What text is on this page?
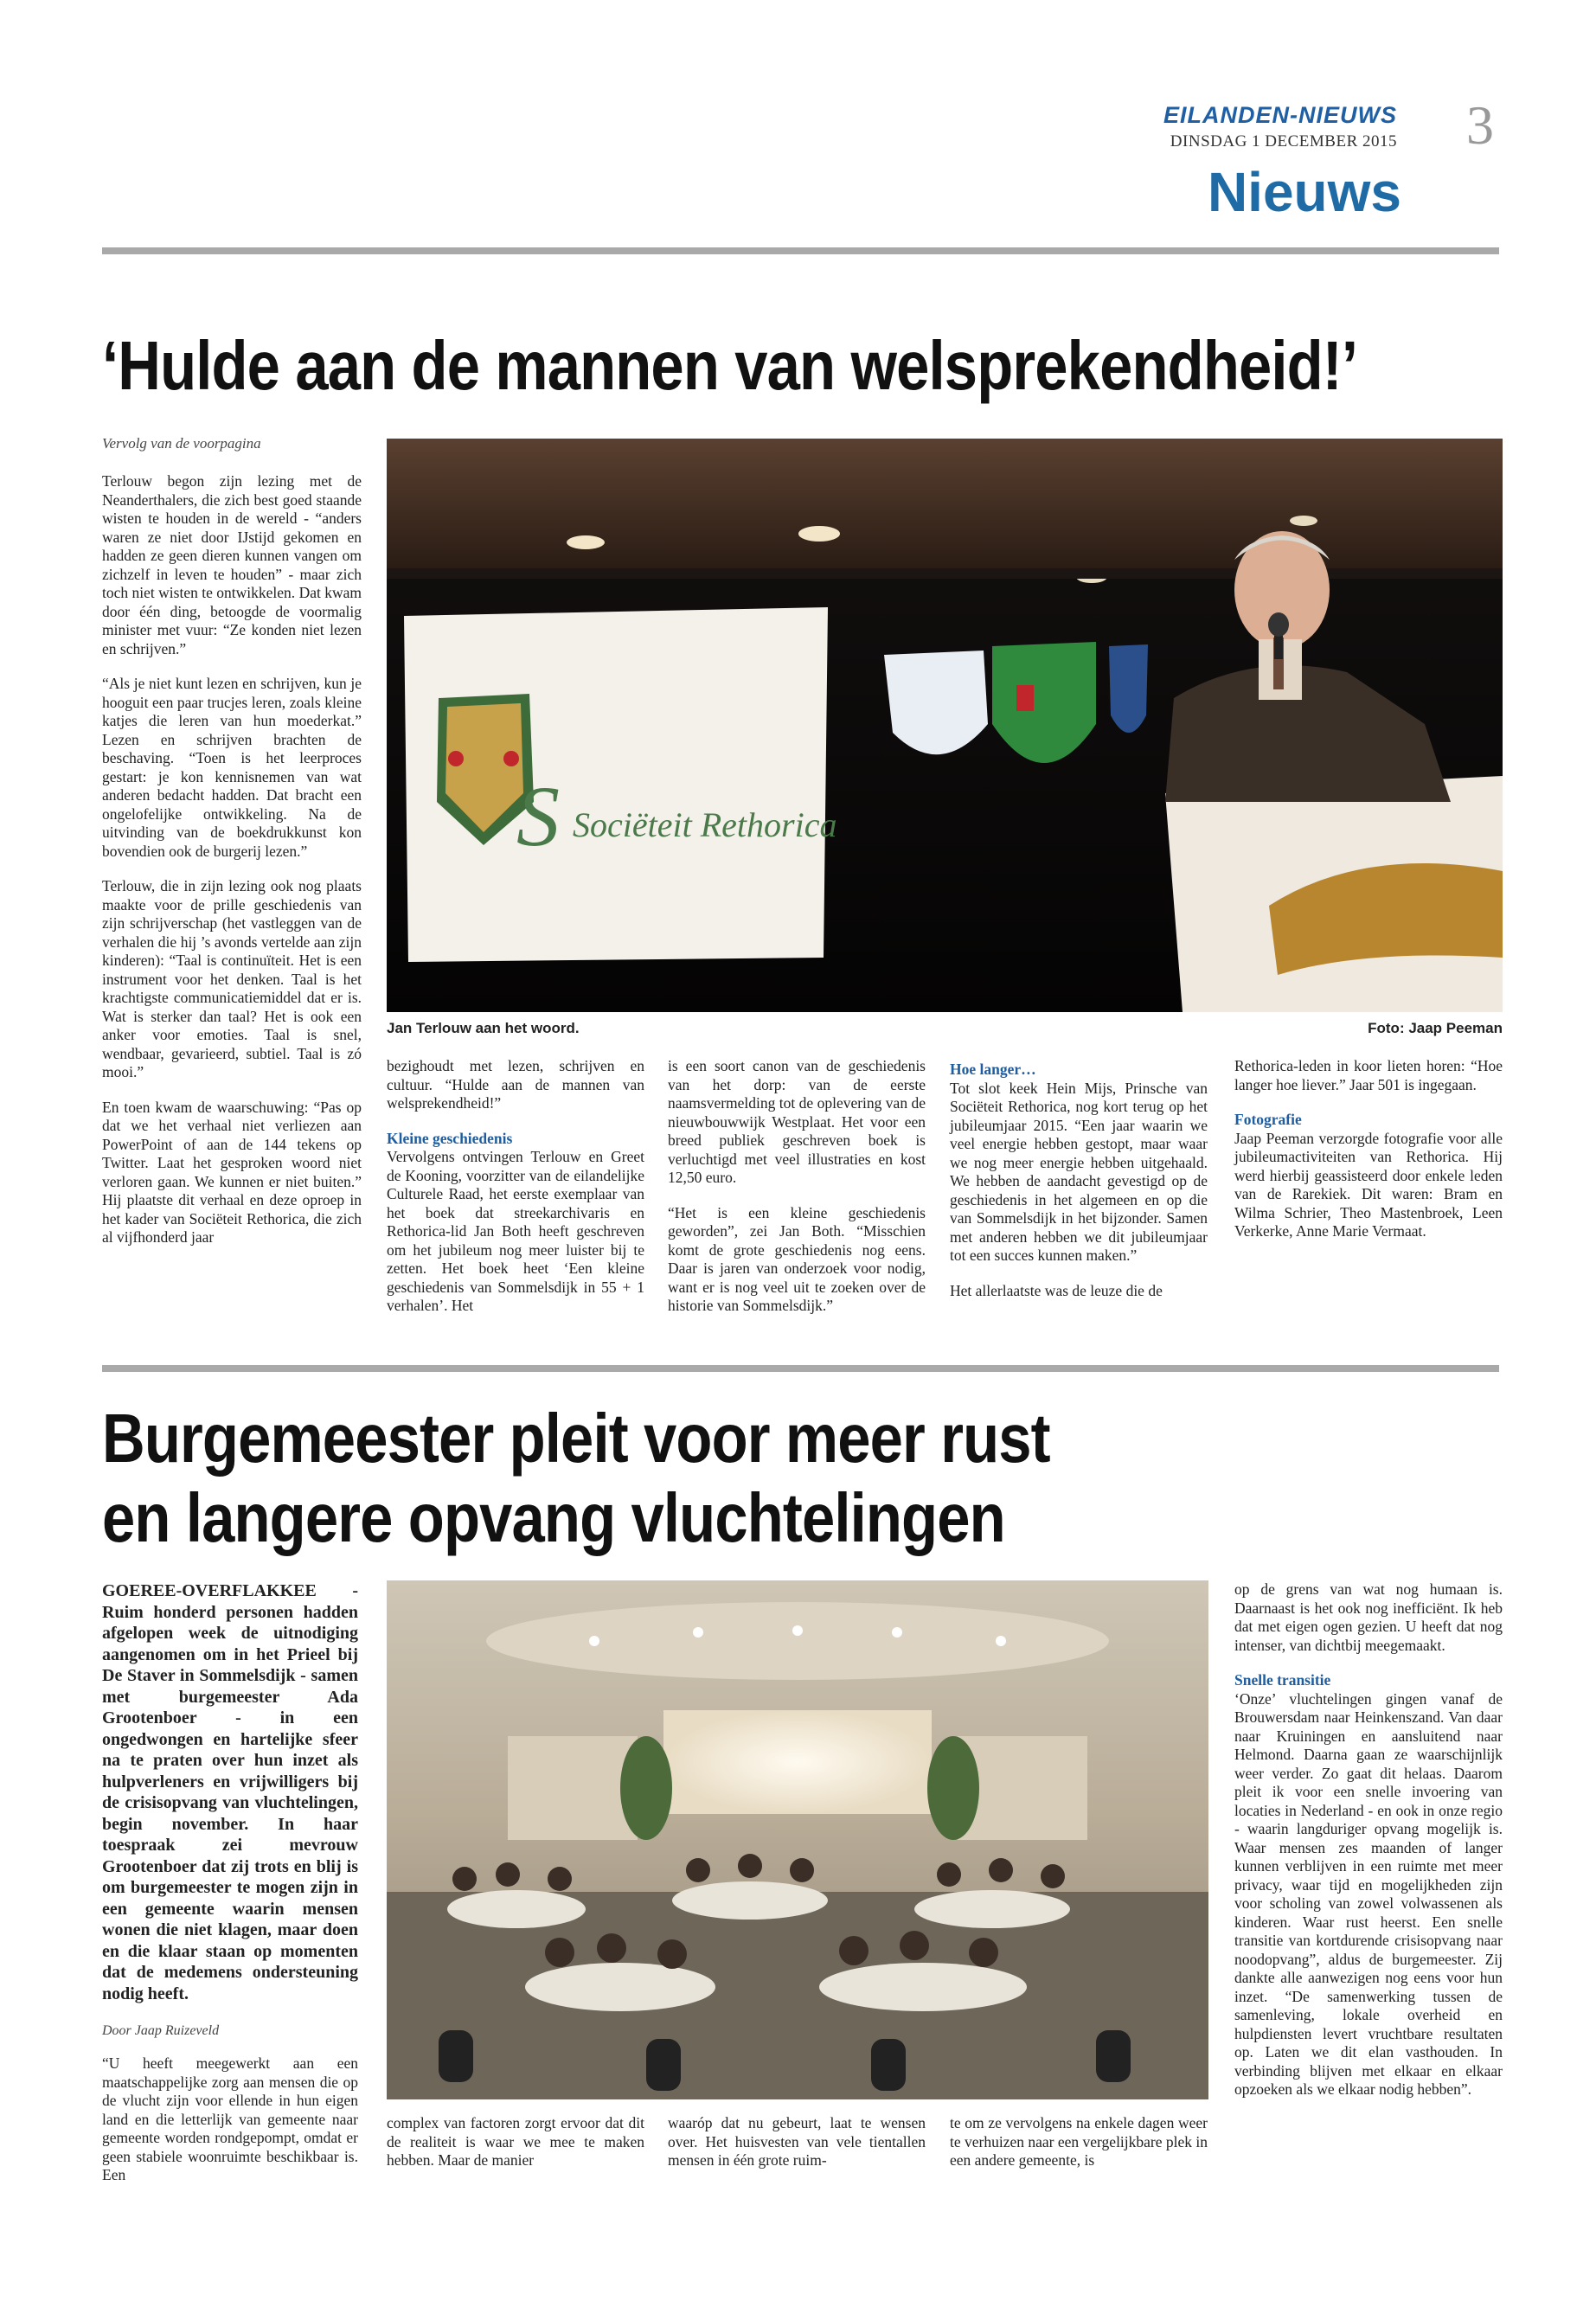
EILANDEN-NIEUWS
DINSDAG 1 DECEMBER 2015 3
Nieuws
‘Hulde aan de mannen van welsprekendheid!’
Vervolg van de voorpagina
S Sociëteit Rethorica
Jan Terlouw aan het woord.	Foto: Jaap Peeman

Terlouw begon zijn lezing met de Neanderthalers, die zich best goed staande wisten te houden in de wereld - “anders waren ze niet door IJstijd gekomen en hadden ze geen dieren kunnen vangen om zichzelf in leven te houden” - maar zich toch niet wisten te ontwikkelen. Dat kwam door één ding, betoogde de voormalig minister met vuur: “Ze konden niet lezen en schrijven.”

“Als je niet kunt lezen en schrijven, kun je hooguit een paar trucjes leren, zoals kleine katjes die leren van hun moederkat.” Lezen en schrijven brachten de beschaving. “Toen is het leerproces gestart: je kon kennisnemen van wat anderen bedacht hadden. Dat bracht een ongelofelijke ontwikkeling. Na de uitvinding van de boekdrukkunst kon bovendien ook de burgerij lezen.”

Terlouw, die in zijn lezing ook nog plaats maakte voor de prille geschiedenis van zijn schrijverschap (het vastleggen van de verhalen die hij ’s avonds vertelde aan zijn kinderen): “Taal is continuïteit. Het is een instrument voor het denken. Taal is het krachtigste communicatiemiddel dat er is. Wat is sterker dan taal? Het is ook een anker voor emoties. Taal is snel, wendbaar, gevarieerd, subtiel. Taal is zó mooi.”

En toen kwam de waarschuwing: “Pas op dat we het verhaal niet verliezen aan PowerPoint of aan de 144 tekens op Twitter. Laat het gesproken woord niet verloren gaan. We kunnen er niet buiten.” Hij plaatste dit verhaal en deze oproep in het kader van Sociëteit Rethorica, die zich al vijfhonderd jaar

bezighoudt met lezen, schrijven en cultuur. “Hulde aan de mannen van welsprekendheid!”

Kleine geschiedenis

Vervolgens ontvingen Terlouw en Greet de Kooning, voorzitter van de eilandelijke Culturele Raad, het eerste exemplaar van het boek dat streekarchivaris en Rethorica-lid Jan Both heeft geschreven om het jubileum nog meer luister bij te zetten. Het boek heet ‘Een kleine geschiedenis van Sommelsdijk in 55 + 1 verhalen’. Het

is een soort canon van de geschiedenis van het dorp: van de eerste naamsvermelding tot de oplevering van de nieuwbouwwijk Westplaat. Het voor een breed publiek geschreven boek is verluchtigd met veel illustraties en kost 12,50 euro.

“Het is een kleine geschiedenis geworden”, zei Jan Both. “Misschien komt de grote geschiedenis nog eens. Daar is jaren van onderzoek voor nodig, want er is nog veel uit te zoeken over de historie van Sommelsdijk.”

Hoe langer…

Tot slot keek Hein Mijs, Prinsche van Sociëteit Rethorica, nog kort terug op het jubileumjaar 2015. “Een jaar waarin we veel energie hebben gestopt, maar waar we nog meer energie hebben uitgehaald. We hebben de aandacht gevestigd op de geschiedenis in het algemeen en op die van Sommelsdijk in het bijzonder. Samen met anderen hebben we dit jubileumjaar tot een succes kunnen maken.”

Het allerlaatste was de leuze die de

Rethorica-leden in koor lieten horen: “Hoe langer hoe liever.” Jaar 501 is ingegaan.

Fotografie

Jaap Peeman verzorgde fotografie voor alle jubileumactiviteiten van Rethorica. Hij werd hierbij geassisteerd door enkele leden van de Rarekiek. Dit waren: Bram en Wilma Schrier, Theo Mastenbroek, Leen Verkerke, Anne Marie Vermaat.

Burgemeester pleit voor meer rust
en langere opvang vluchtelingen
GOEREE-OVERFLAKKEE - Ruim honderd personen hadden afgelopen week de uitnodiging aangenomen om in het Prieel bij De Staver in Sommelsdijk - samen met burgemeester Ada Grootenboer - in een ongedwongen en hartelijke sfeer na te praten over hun inzet als hulpverleners en vrijwilligers bij de crisisopvang van vluchtelingen, begin november. In haar toespraak zei mevrouw Grootenboer dat zij trots en blij is om burgemeester te mogen zijn in een gemeente waarin mensen wonen die niet klagen, maar doen en die klaar staan op momenten dat de medemens ondersteuning nodig heeft.
Door Jaap Ruizeveld

“U heeft meegewerkt aan een maatschappelijke zorg aan mensen die op de vlucht zijn voor ellende in hun eigen land en die letterlijk van gemeente naar gemeente worden rondgepompt, omdat er geen stabiele woonruimte beschikbaar is. Een

complex van factoren zorgt ervoor dat dit de realiteit is waar we mee te maken hebben. Maar de manier

waaróp dat nu gebeurt, laat te wensen over. Het huisvesten van vele tientallen mensen in één grote ruim-

te om ze vervolgens na enkele dagen weer te verhuizen naar een vergelijkbare plek in een andere gemeente, is

op de grens van wat nog humaan is. Daarnaast is het ook nog inefficiënt. Ik heb dat met eigen ogen gezien. U heeft dat nog intenser, van dichtbij meegemaakt.

Snelle transitie

‘Onze’ vluchtelingen gingen vanaf de Brouwersdam naar Heinkenszand. Van daar naar Kruiningen en aansluitend naar Helmond. Daarna gaan ze waarschijnlijk weer verder. Zo gaat dit helaas. Daarom pleit ik voor een snelle invoering van locaties in Nederland - en ook in onze regio - waarin langduriger opvang mogelijk is. Waar mensen zes maanden of langer kunnen verblijven in een ruimte met meer privacy, waar tijd en mogelijkheden zijn voor scholing van zowel volwassenen als kinderen. Waar rust heerst. Een snelle transitie van kortdurende crisisopvang naar noodopvang”, aldus de burgemeester. Zij dankte alle aanwezigen nog eens voor hun inzet. “De samenwerking tussen de samenleving, lokale overheid en hulpdiensten levert vruchtbare resultaten op. Laten we dit elan vasthouden. In verbinding blijven met elkaar en elkaar opzoeken als we elkaar nodig hebben”.
